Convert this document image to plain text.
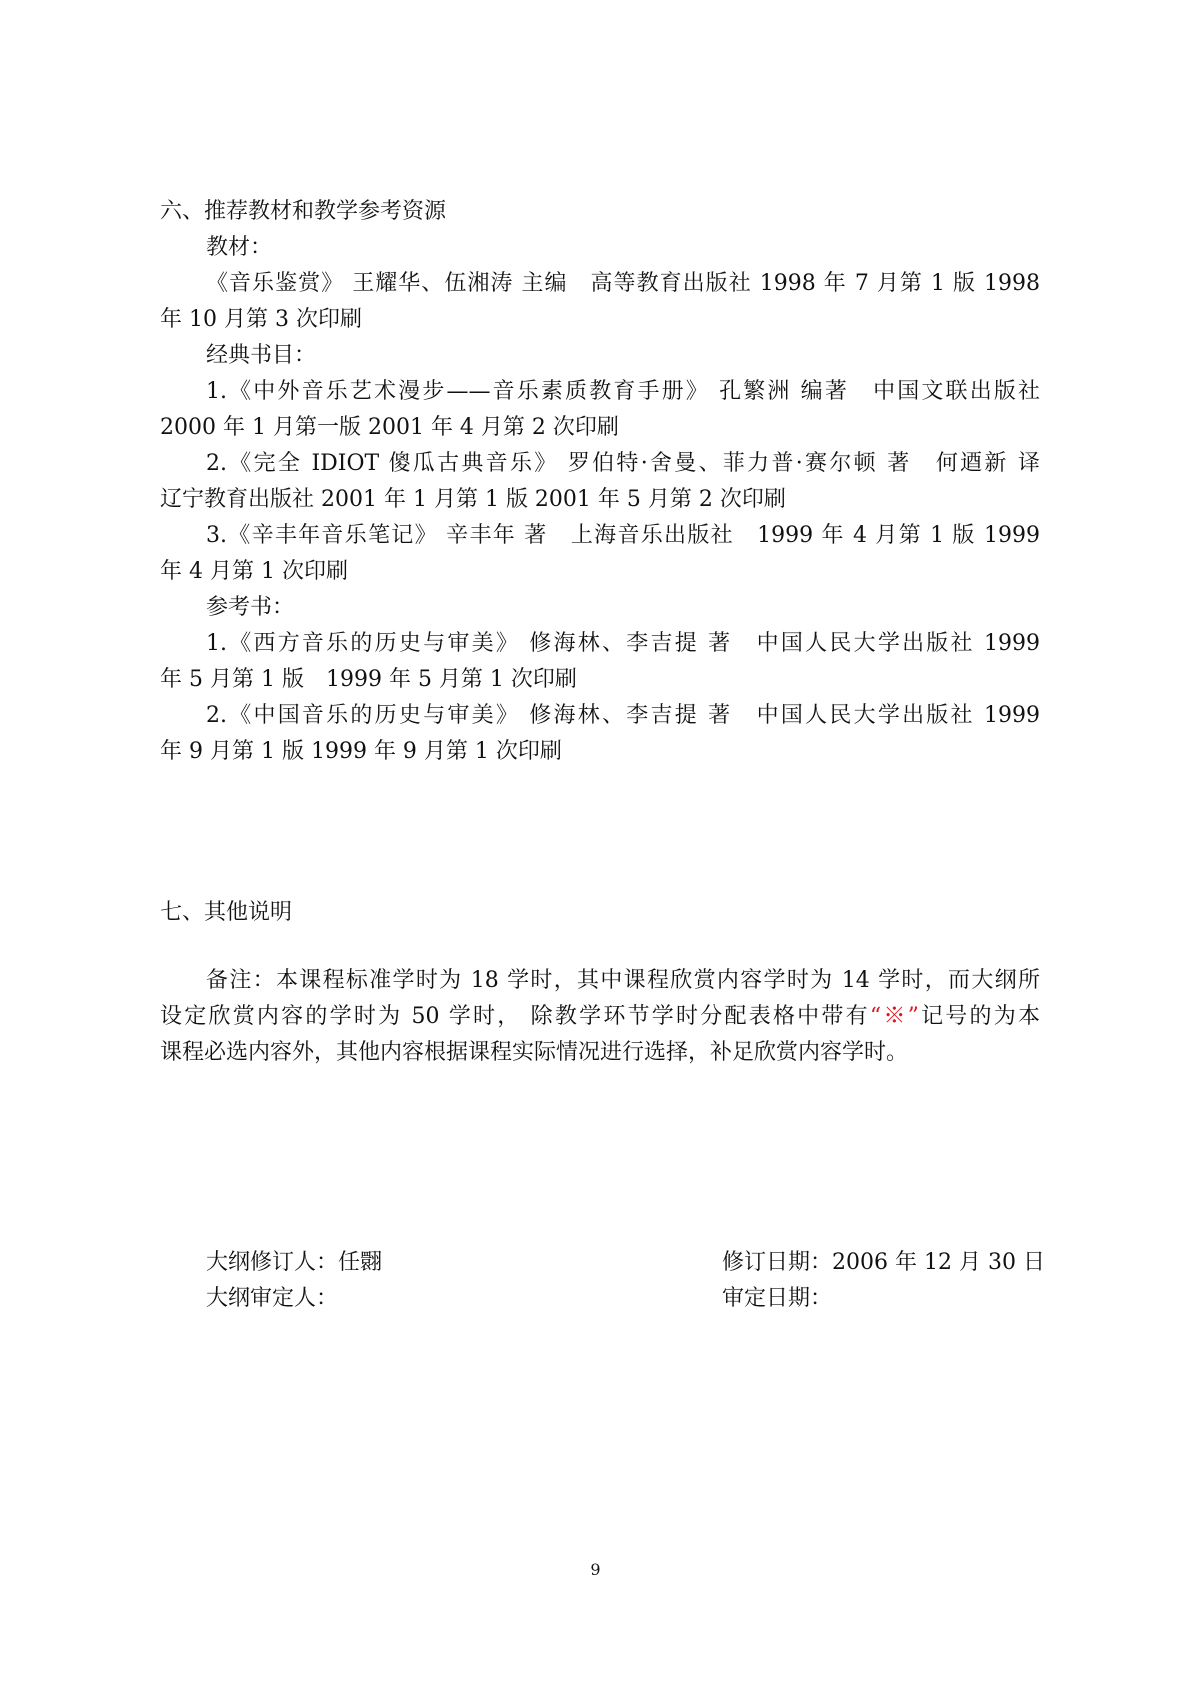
六、推荐教材和教学参考资源
教材：
《音乐鉴赏》 王耀华、伍湘涛 主编　高等教育出版社 1998 年 7 月第 1 版 1998
年 10 月第 3 次印刷
经典书目：
1.《中外音乐艺术漫步——音乐素质教育手册》 孔繁洲 编著　中国文联出版社
2000 年 1 月第一版 2001 年 4 月第 2 次印刷
2.《完全 IDIOT 傻瓜古典音乐》 罗伯特·舍曼、菲力普·赛尔顿 著　何逎新 译
辽宁教育出版社 2001 年 1 月第 1 版 2001 年 5 月第 2 次印刷
3.《辛丰年音乐笔记》 辛丰年 著　上海音乐出版社　1999 年 4 月第 1 版 1999
年 4 月第 1 次印刷
参考书：
1.《西方音乐的历史与审美》 修海林、李吉提 著　中国人民大学出版社 1999
年 5 月第 1 版　1999 年 5 月第 1 次印刷
2.《中国音乐的历史与审美》 修海林、李吉提 著　中国人民大学出版社 1999
年 9 月第 1 版 1999 年 9 月第 1 次印刷
七、其他说明
备注：本课程标准学时为 18 学时，其中课程欣赏内容学时为 14 学时，而大纲所
设定欣赏内容的学时为 50 学时， 除教学环节学时分配表格中带有“※”记号的为本
课程必选内容外，其他内容根据课程实际情况进行选择，补足欣赏内容学时。
大纲修订人：任翾	修订日期：2006 年 12 月 30 日
大纲审定人：	审定日期：
9
